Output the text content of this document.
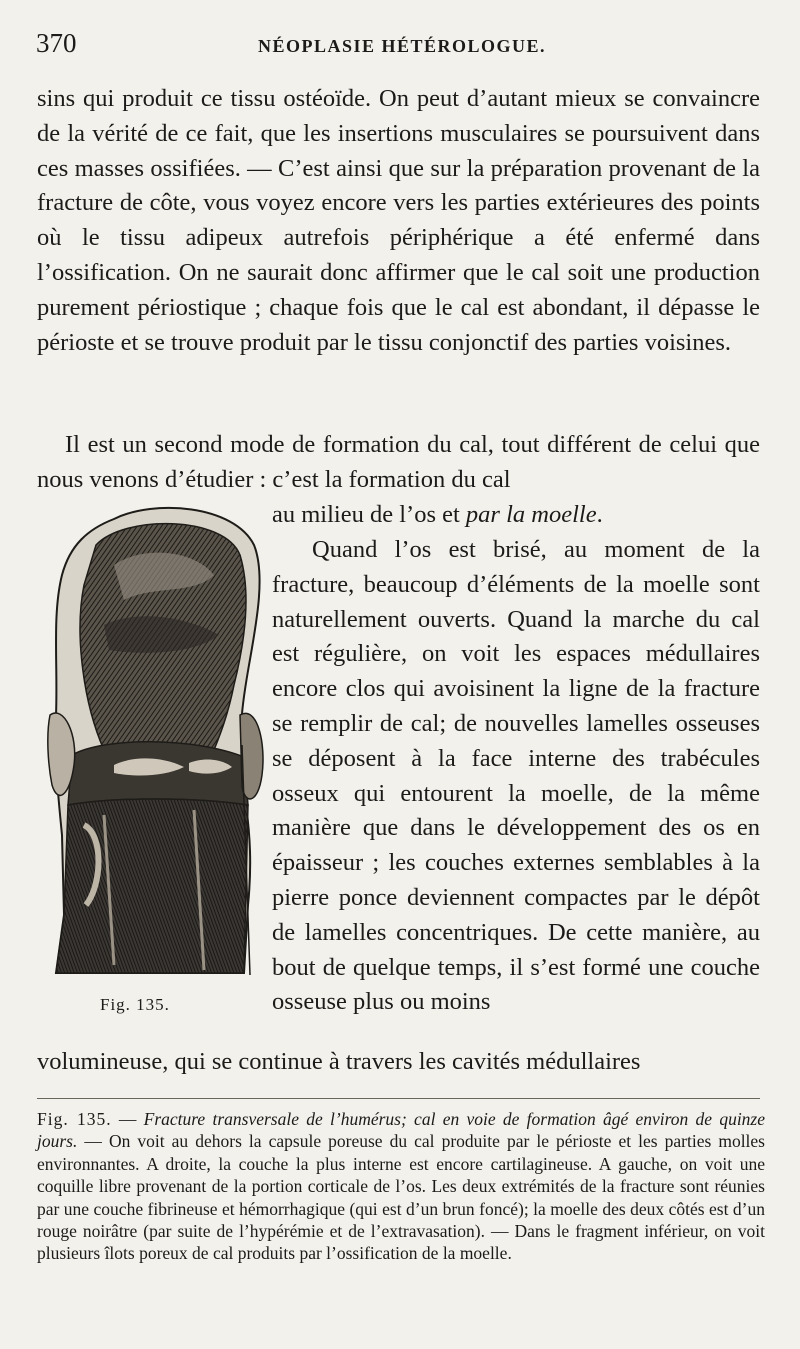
370	NÉOPLASIE HÉTÉROLOGUE.

sins qui produit ce tissu ostéoïde. On peut d’autant mieux se convaincre de la vérité de ce fait, que les insertions musculaires se poursuivent dans ces masses ossifiées. — C’est ainsi que sur la préparation provenant de la fracture de côte, vous voyez encore vers les parties extérieures des points où le tissu adipeux autrefois périphérique a été enfermé dans l’ossification. On ne saurait donc affirmer que le cal soit une production purement périostique ; chaque fois que le cal est abondant, il dépasse le périoste et se trouve produit par le tissu conjonctif des parties voisines.

Il est un second mode de formation du cal, tout différent de celui que nous venons d’étudier : c’est la formation du cal

au milieu de l’os et par la moelle.

Quand l’os est brisé, au moment de la fracture, beaucoup d’éléments de la moelle sont naturellement ouverts. Quand la marche du cal est régulière, on voit les espaces médullaires encore clos qui avoisinent la ligne de la fracture se remplir de cal; de nouvelles lamelles osseuses se déposent à la face interne des trabécules osseux qui entourent la moelle, de la même manière que dans le développement des os en épaisseur ; les couches externes semblables à la pierre ponce deviennent compactes par le dépôt de lamelles concentriques. De cette manière, au bout de quelque temps, il s’est formé une couche osseuse plus ou moins

Fig. 135.

volumineuse, qui se continue à travers les cavités médullaires

Fig. 135. — Fracture transversale de l’humérus; cal en voie de formation âgé environ de quinze jours. — On voit au dehors la capsule poreuse du cal produite par le périoste et les parties molles environnantes. A droite, la couche la plus interne est encore cartilagineuse. A gauche, on voit une coquille libre provenant de la portion corticale de l’os. Les deux extrémités de la fracture sont réunies par une couche fibrineuse et hémorrhagique (qui est d’un brun foncé); la moelle des deux côtés est d’un rouge noirâtre (par suite de l’hypérémie et de l’extravasation). — Dans le fragment inférieur, on voit plusieurs îlots poreux de cal produits par l’ossification de la moelle.
